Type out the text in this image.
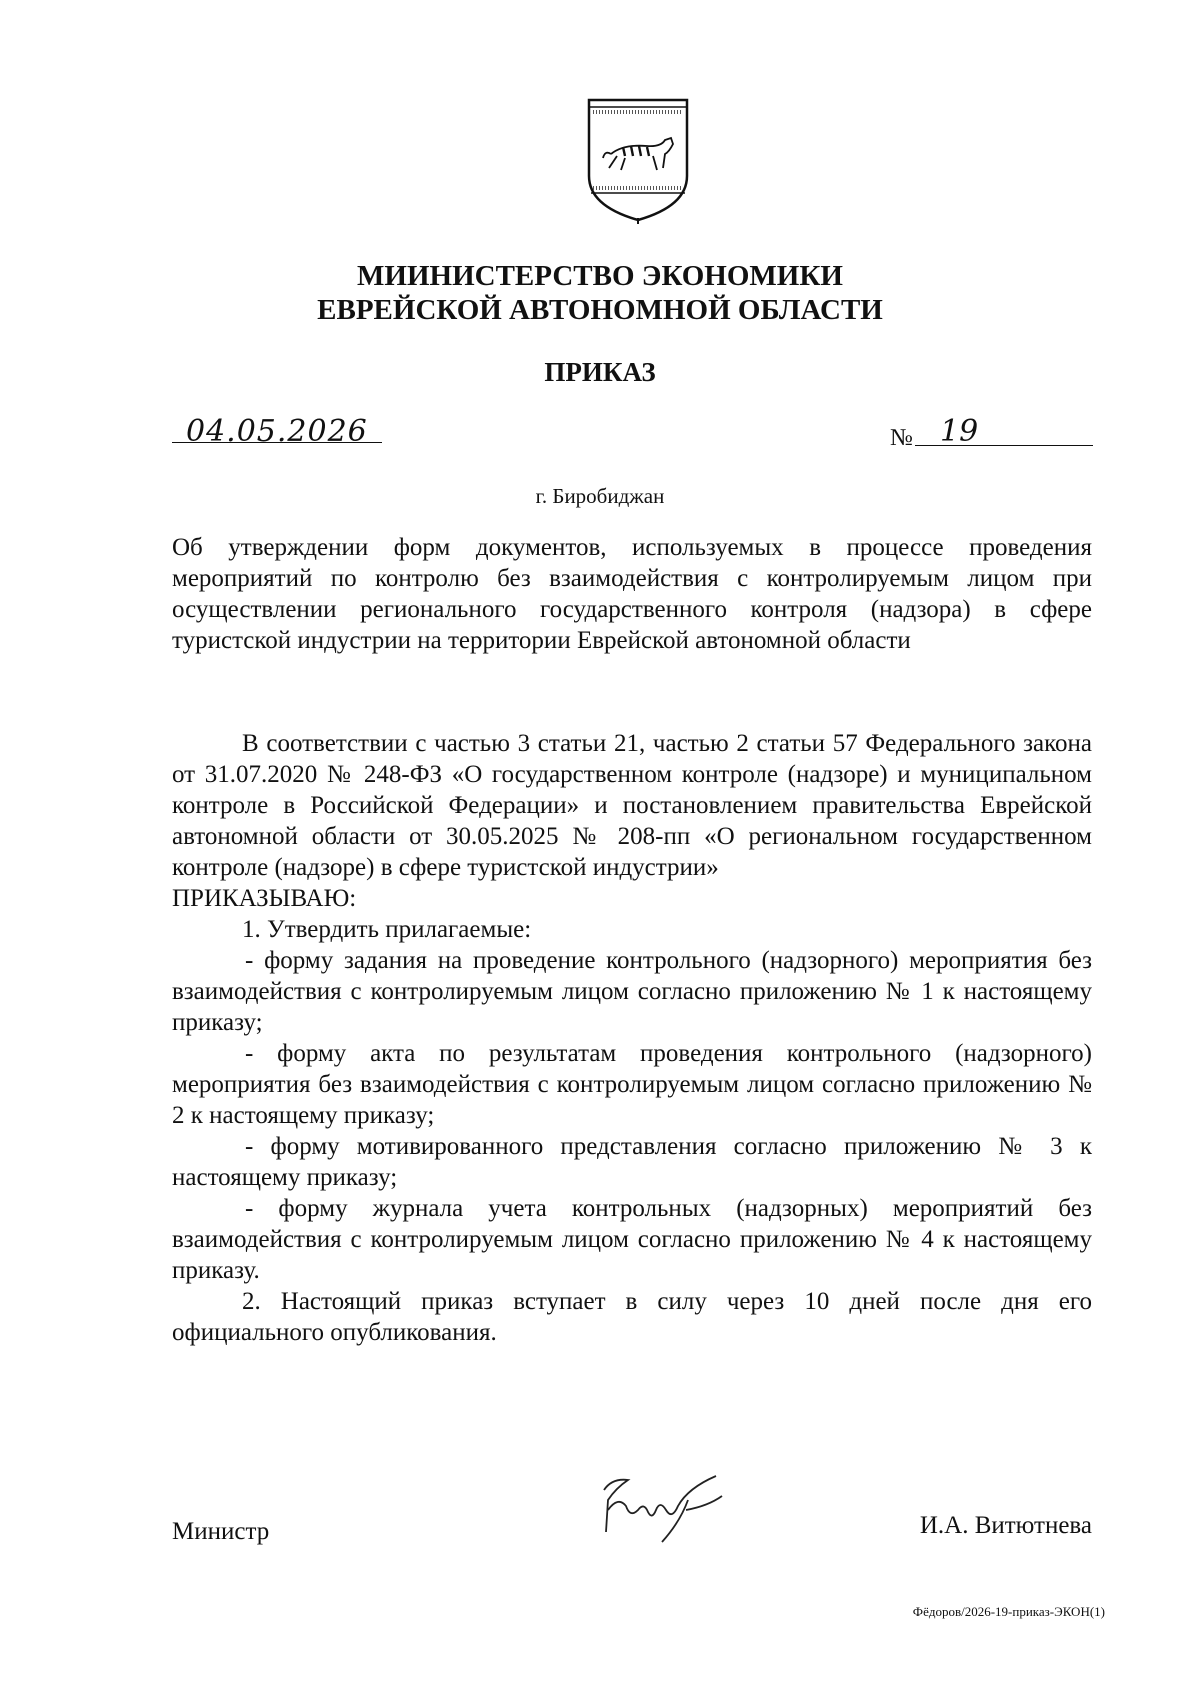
МИИНИСТЕРСТВО ЭКОНОМИКИ
ЕВРЕЙСКОЙ АВТОНОМНОЙ ОБЛАСТИ
ПРИКАЗ
04.05.2026	№ 19
г. Биробиджан
Об утверждении форм документов, используемых в процессе проведения мероприятий по контролю без взаимодействия с контролируемым лицом при осуществлении регионального государственного контроля (надзора) в сфере туристской индустрии на территории Еврейской автономной области

В соответствии с частью 3 статьи 21, частью 2 статьи 57 Федерального закона от 31.07.2020 № 248-ФЗ «О государственном контроле (надзоре) и муниципальном контроле в Российской Федерации» и постановлением правительства Еврейской автономной области от 30.05.2025 № 208-пп «О региональном государственном контроле (надзоре) в сфере туристской индустрии»

ПРИКАЗЫВАЮ:

1. Утвердить прилагаемые:

- форму задания на проведение контрольного (надзорного) мероприятия без взаимодействия с контролируемым лицом согласно приложению № 1 к настоящему приказу;

- форму акта по результатам проведения контрольного (надзорного) мероприятия без взаимодействия с контролируемым лицом согласно приложению № 2 к настоящему приказу;

- форму мотивированного представления согласно приложению № 3 к настоящему приказу;

- форму журнала учета контрольных (надзорных) мероприятий без взаимодействия с контролируемым лицом согласно приложению № 4 к настоящему приказу.

2. Настоящий приказ вступает в силу через 10 дней после дня его официального опубликования.

Министр	И.А. Витютнева
Фёдоров/2026-19-приказ-ЭКОН(1)
